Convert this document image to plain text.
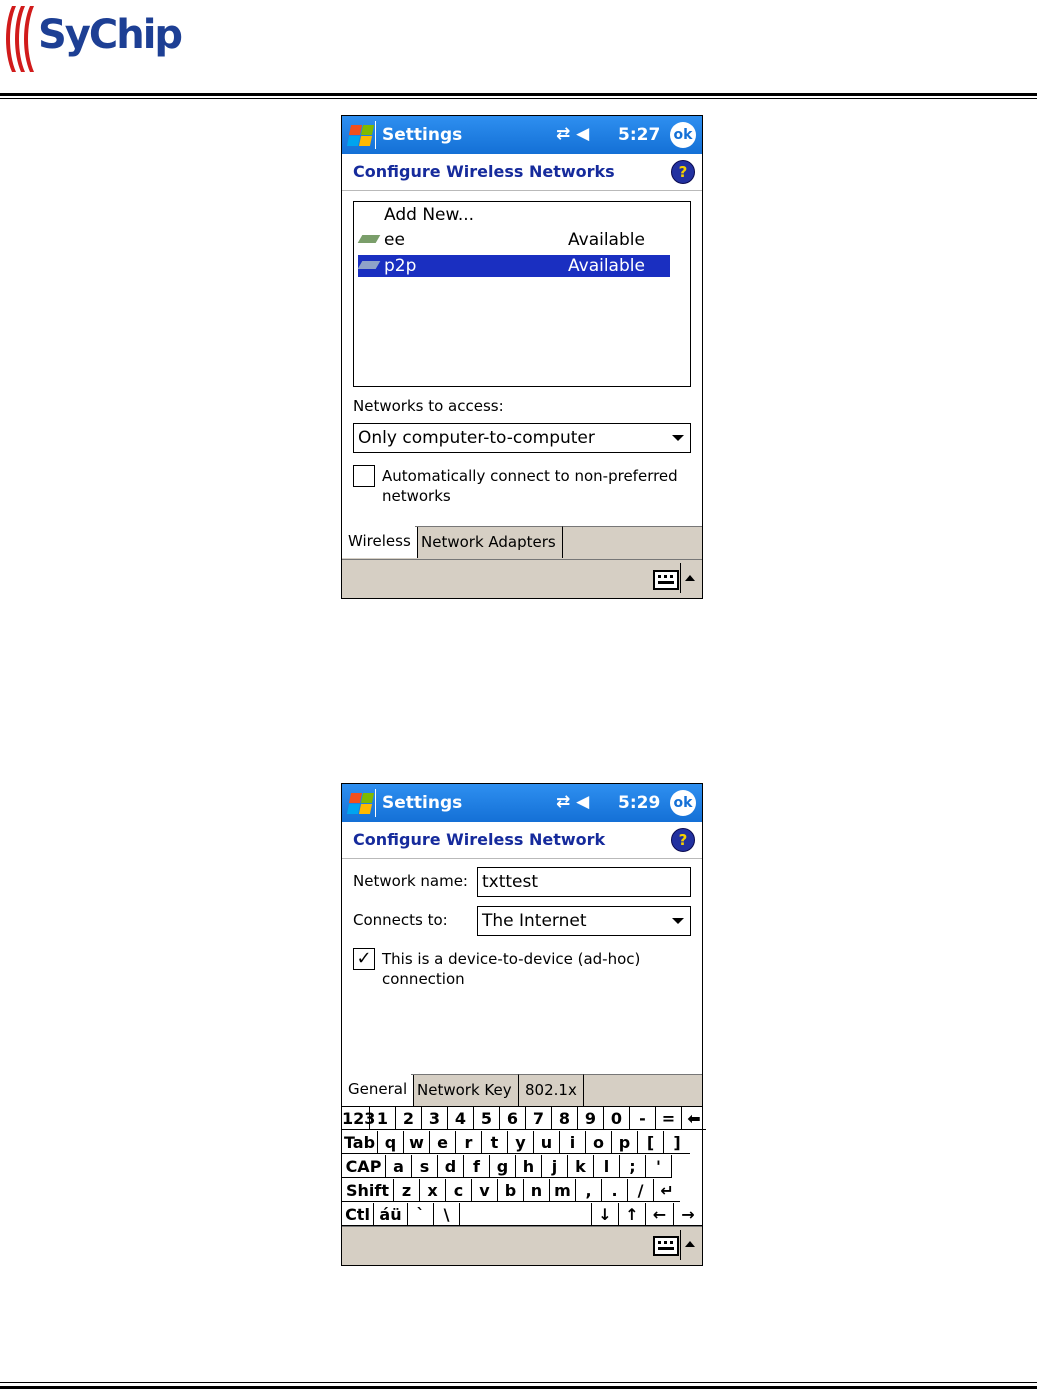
SyChip
Settings	⇄ ◀ 5:27 ok
Configure Wireless Networks	?
Add New...
ee	Available
p2p	Available
Networks to access:
Only computer-to-computer
Automatically connect to non-preferred
networks
Wireless Network Adapters
Settings	⇄ ◀ 5:29 ok
Configure Wireless Network	?
Network name: txttest
Connects to: The Internet
✓ This is a device-to-device (ad-hoc)
connection
General Network Key 802.1x
123 1 2 3 4 5 6 7 8 9 0	- = ⬅
Tab q w e	r	t	y u	i	o p	[	]
CAP a s d	f	g h	j	k	l	;	'
Shift z	x	c	v b n m ,	.	/	↵
Ctl áü `	\	↓ ↑ ← →
